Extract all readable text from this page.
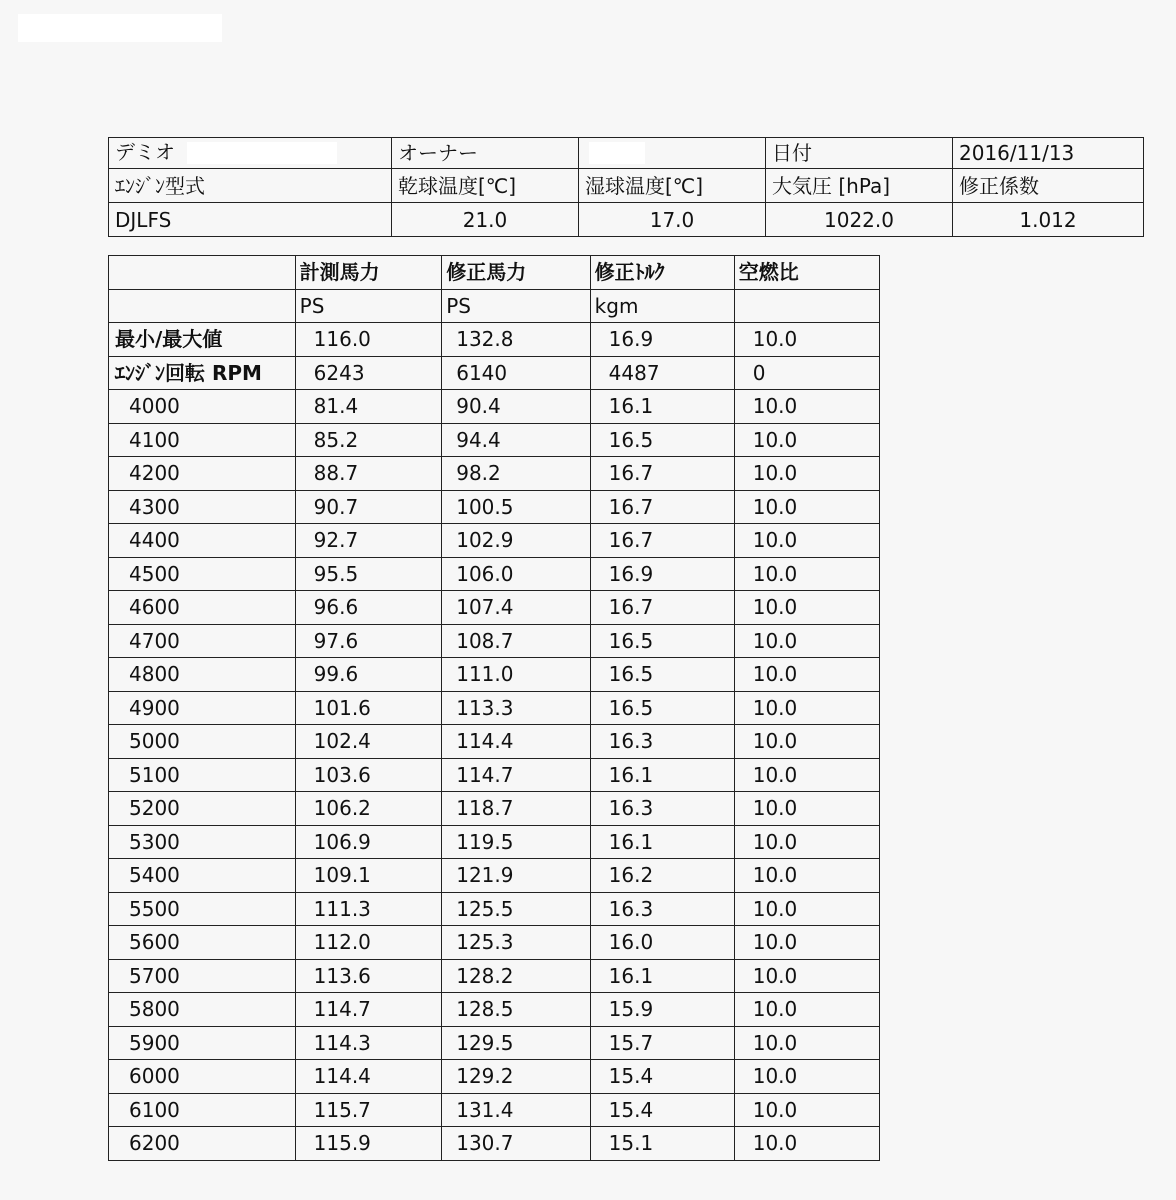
デミオ	オーナー		日付	2016/11/13
ｴﾝｼﾞﾝ型式	乾球温度[℃]	湿球温度[℃]	大気圧 [hPa]	修正係数
DJLFS	21.0	17.0	1022.0	1.012
	計測馬力	修正馬力	修正ﾄﾙｸ	空燃比
	PS	PS	kgm	
最小/最大値	116.0	132.8	16.9	10.0
ｴﾝｼﾞﾝ回転 RPM	6243	6140	4487	0
4000	81.4	90.4	16.1	10.0
4100	85.2	94.4	16.5	10.0
4200	88.7	98.2	16.7	10.0
4300	90.7	100.5	16.7	10.0
4400	92.7	102.9	16.7	10.0
4500	95.5	106.0	16.9	10.0
4600	96.6	107.4	16.7	10.0
4700	97.6	108.7	16.5	10.0
4800	99.6	111.0	16.5	10.0
4900	101.6	113.3	16.5	10.0
5000	102.4	114.4	16.3	10.0
5100	103.6	114.7	16.1	10.0
5200	106.2	118.7	16.3	10.0
5300	106.9	119.5	16.1	10.0
5400	109.1	121.9	16.2	10.0
5500	111.3	125.5	16.3	10.0
5600	112.0	125.3	16.0	10.0
5700	113.6	128.2	16.1	10.0
5800	114.7	128.5	15.9	10.0
5900	114.3	129.5	15.7	10.0
6000	114.4	129.2	15.4	10.0
6100	115.7	131.4	15.4	10.0
6200	115.9	130.7	15.1	10.0
